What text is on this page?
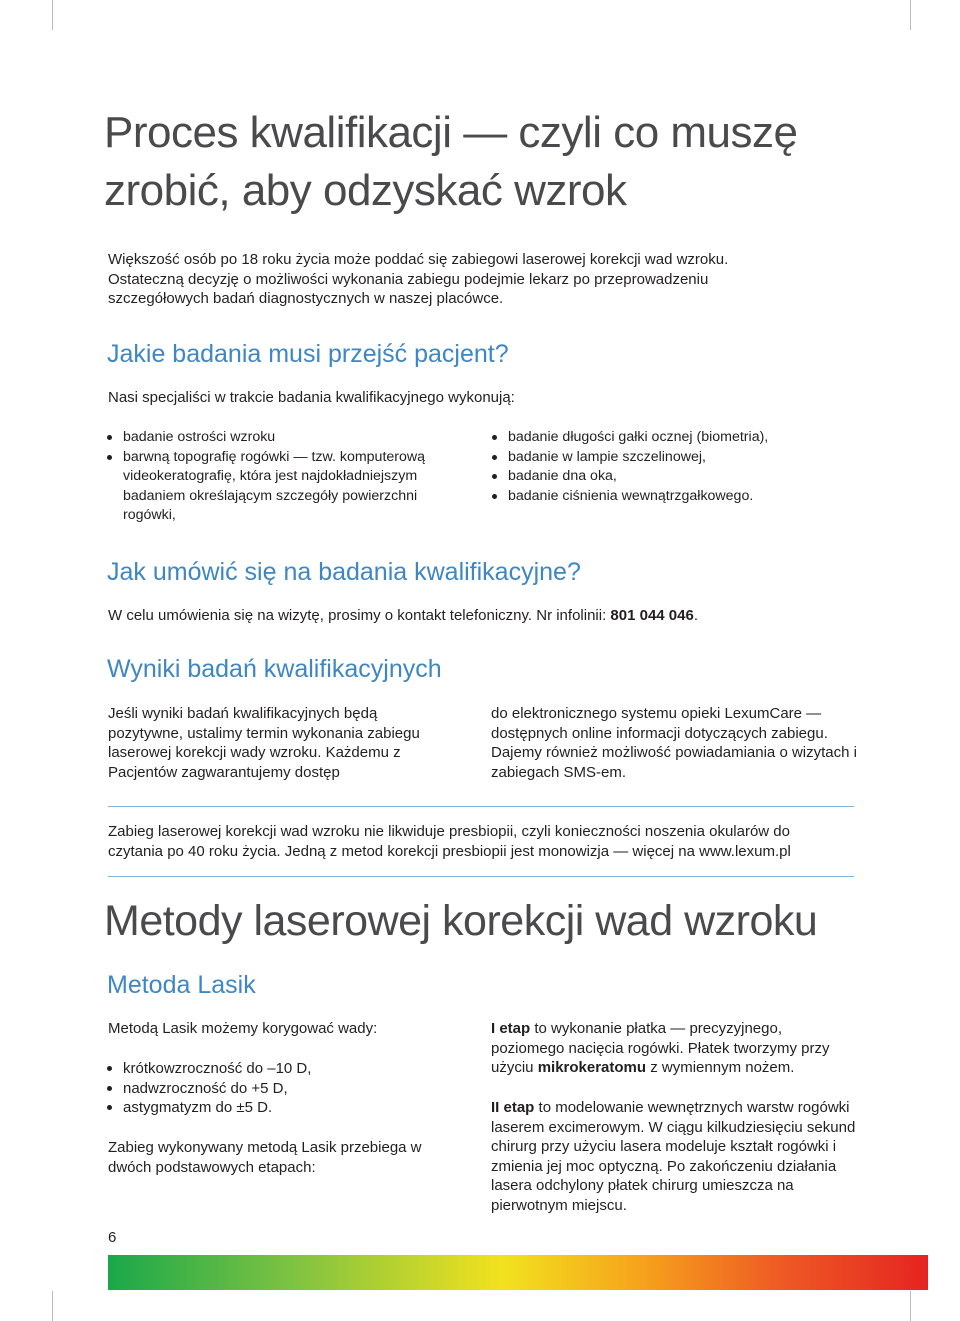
Proces kwalifikacji — czyli co muszę zrobić, aby odzyskać wzrok
Większość osób po 18 roku życia może poddać się zabiegowi laserowej korekcji wad wzroku. Ostateczną decyzję o możliwości wykonania zabiegu podejmie lekarz po przeprowadzeniu szczegółowych badań diagnostycznych w naszej placówce.
Jakie badania musi przejść pacjent?
Nasi specjaliści w trakcie badania kwalifikacyjnego wykonują:
badanie ostrości wzroku
barwną topografię rogówki — tzw. komputerową videokeratografię, która jest najdokładniejszym badaniem określającym szczegóły powierzchni rogówki,
badanie długości gałki ocznej (biometria),
badanie w lampie szczelinowej,
badanie dna oka,
badanie ciśnienia wewnątrzgałkowego.
Jak umówić się na badania kwalifikacyjne?
W celu umówienia się na wizytę, prosimy o kontakt telefoniczny. Nr infolinii: 801 044 046.
Wyniki badań kwalifikacyjnych
Jeśli wyniki badań kwalifikacyjnych będą pozytywne, ustalimy termin wykonania zabiegu laserowej korekcji wady wzroku. Każdemu z Pacjentów zagwarantujemy dostęp
do elektronicznego systemu opieki LexumCare — dostępnych online informacji dotyczących zabiegu. Dajemy również możliwość powiadamiania o wizytach i zabiegach SMS-em.
Zabieg laserowej korekcji wad wzroku nie likwiduje presbiopii, czyli konieczności noszenia okularów do czytania po 40 roku życia. Jedną z metod korekcji presbiopii jest monowizja — więcej na www.lexum.pl
Metody laserowej korekcji wad wzroku
Metoda Lasik
Metodą Lasik możemy korygować wady:
krótkowzroczność do –10 D,
nadwzroczność do +5 D,
astygmatyzm do ±5 D.
Zabieg wykonywany metodą Lasik przebiega w dwóch podstawowych etapach:
I etap to wykonanie płatka — precyzyjnego, poziomego nacięcia rogówki. Płatek tworzymy przy użyciu mikrokeratomu z wymiennym nożem.
II etap to modelowanie wewnętrznych warstw rogówki laserem excimerowym. W ciągu kilkudziesięciu sekund chirurg przy użyciu lasera modeluje kształt rogówki i zmienia jej moc optyczną. Po zakończeniu działania lasera odchylony płatek chirurg umieszcza na pierwotnym miejscu.
6
